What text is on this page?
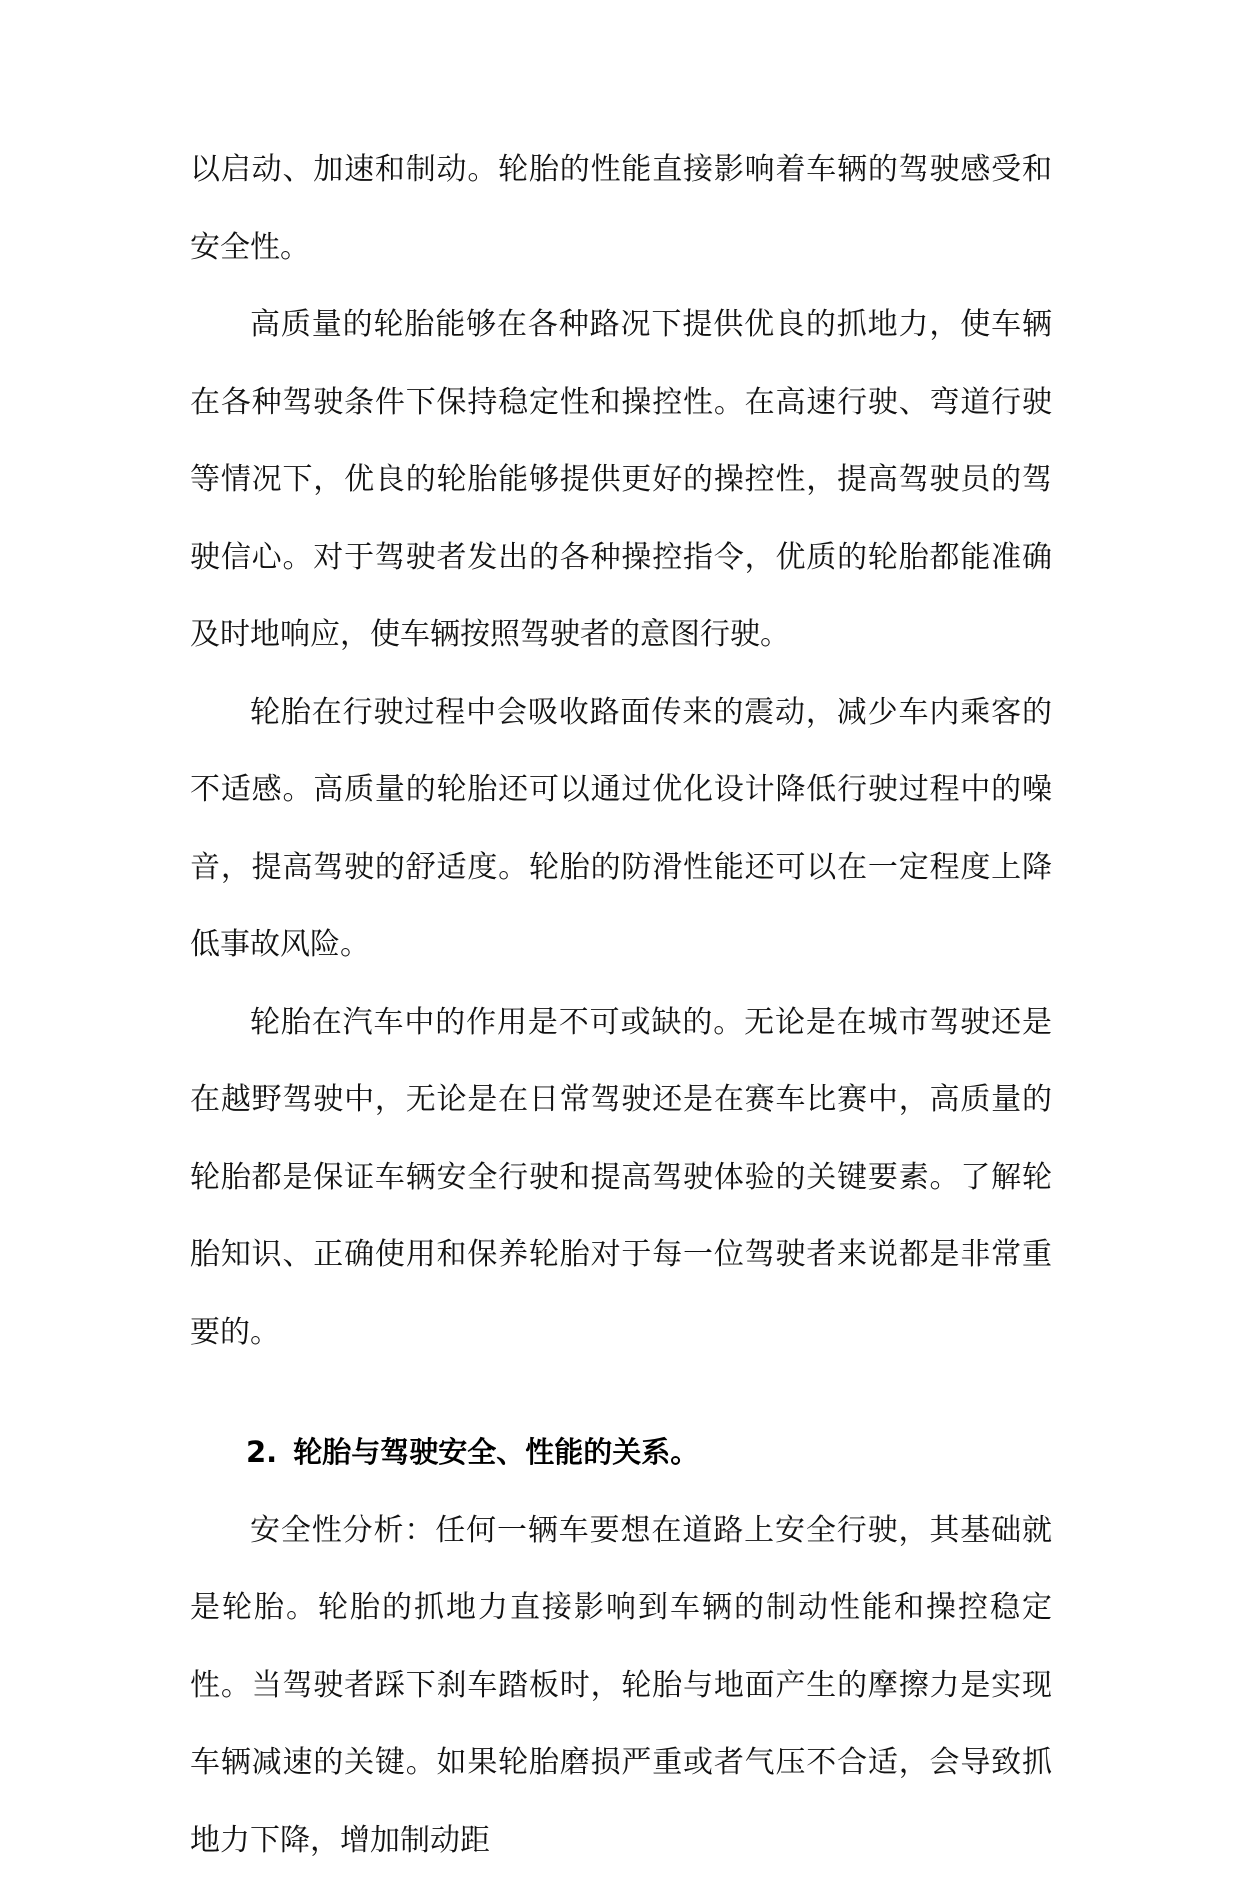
以启动、加速和制动。轮胎的性能直接影响着车辆的驾驶感受和安全性。

高质量的轮胎能够在各种路况下提供优良的抓地力，使车辆在各种驾驶条件下保持稳定性和操控性。在高速行驶、弯道行驶等情况下，优良的轮胎能够提供更好的操控性，提高驾驶员的驾驶信心。对于驾驶者发出的各种操控指令，优质的轮胎都能准确及时地响应，使车辆按照驾驶者的意图行驶。

轮胎在行驶过程中会吸收路面传来的震动，减少车内乘客的不适感。高质量的轮胎还可以通过优化设计降低行驶过程中的噪音，提高驾驶的舒适度。轮胎的防滑性能还可以在一定程度上降低事故风险。

轮胎在汽车中的作用是不可或缺的。无论是在城市驾驶还是在越野驾驶中，无论是在日常驾驶还是在赛车比赛中，高质量的轮胎都是保证车辆安全行驶和提高驾驶体验的关键要素。了解轮胎知识、正确使用和保养轮胎对于每一位驾驶者来说都是非常重要的。

2. 轮胎与驾驶安全、性能的关系。

安全性分析：任何一辆车要想在道路上安全行驶，其基础就是轮胎。轮胎的抓地力直接影响到车辆的制动性能和操控稳定性。当驾驶者踩下刹车踏板时，轮胎与地面产生的摩擦力是实现车辆减速的关键。如果轮胎磨损严重或者气压不合适，会导致抓地力下降，增加制动距
